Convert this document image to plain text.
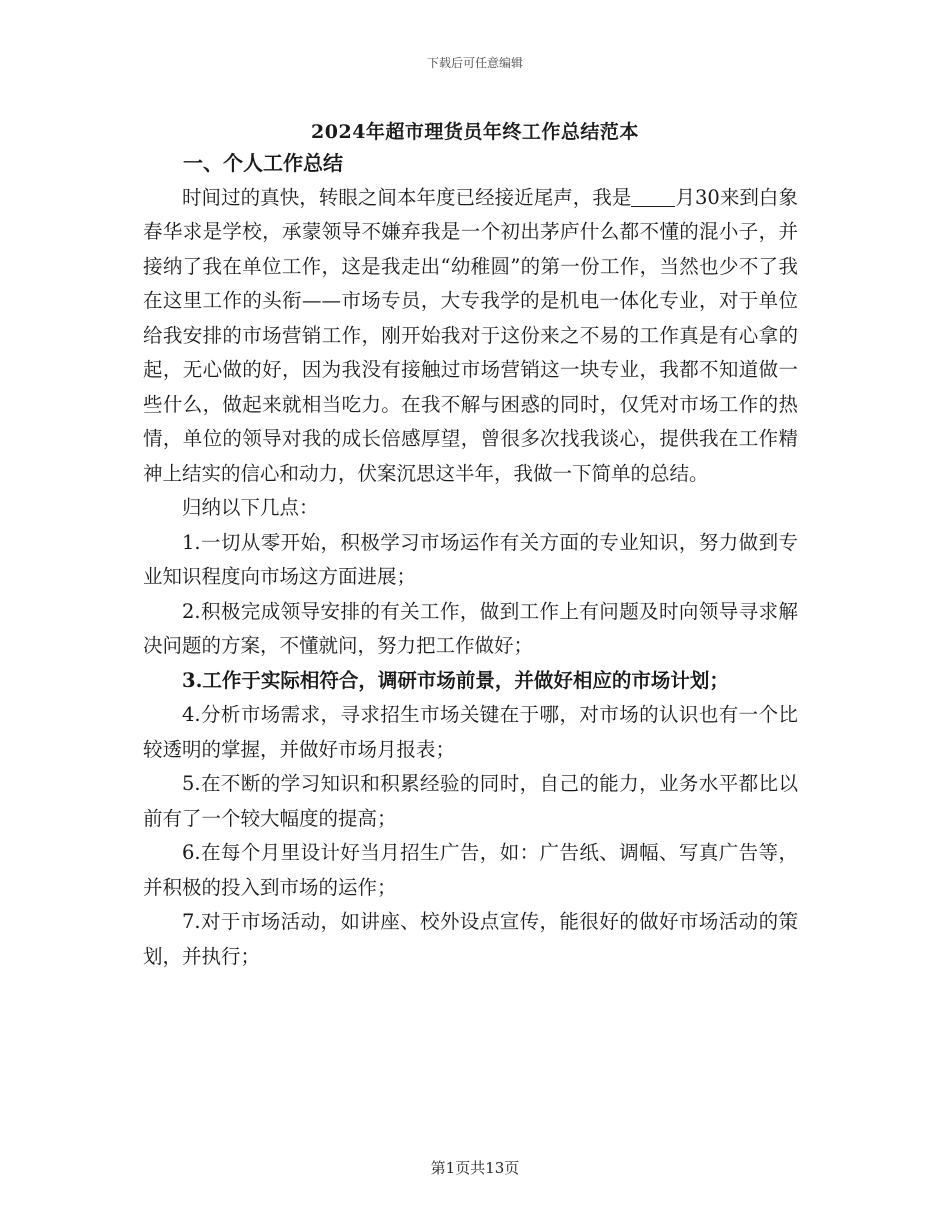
下载后可任意编辑
2024年超市理货员年终工作总结范本

一、个人工作总结

时间过的真快，转眼之间本年度已经接近尾声，我是 月30来到白象春华求是学校，承蒙领导不嫌弃我是一个初出茅庐什么都不懂的混小子，并接纳了我在单位工作，这是我走出“幼稚圆”的第一份工作，当然也少不了我在这里工作的头衔——市场专员，大专我学的是机电一体化专业，对于单位给我安排的市场营销工作，刚开始我对于这份来之不易的工作真是有心拿的起，无心做的好，因为我没有接触过市场营销这一块专业，我都不知道做一些什么，做起来就相当吃力。在我不解与困惑的同时，仅凭对市场工作的热情，单位的领导对我的成长倍感厚望，曾很多次找我谈心，提供我在工作精神上结实的信心和动力，伏案沉思这半年，我做一下简单的总结。

归纳以下几点：

1.一切从零开始，积极学习市场运作有关方面的专业知识，努力做到专业知识程度向市场这方面进展；

2.积极完成领导安排的有关工作，做到工作上有问题及时向领导寻求解决问题的方案，不懂就问，努力把工作做好；

3.工作于实际相符合，调研市场前景，并做好相应的市场计划；

4.分析市场需求，寻求招生市场关键在于哪，对市场的认识也有一个比较透明的掌握，并做好市场月报表；

5.在不断的学习知识和积累经验的同时，自己的能力，业务水平都比以前有了一个较大幅度的提高；

6.在每个月里设计好当月招生广告，如：广告纸、调幅、写真广告等，并积极的投入到市场的运作；

7.对于市场活动，如讲座、校外设点宣传，能很好的做好市场活动的策划，并执行；

第1页共13页
